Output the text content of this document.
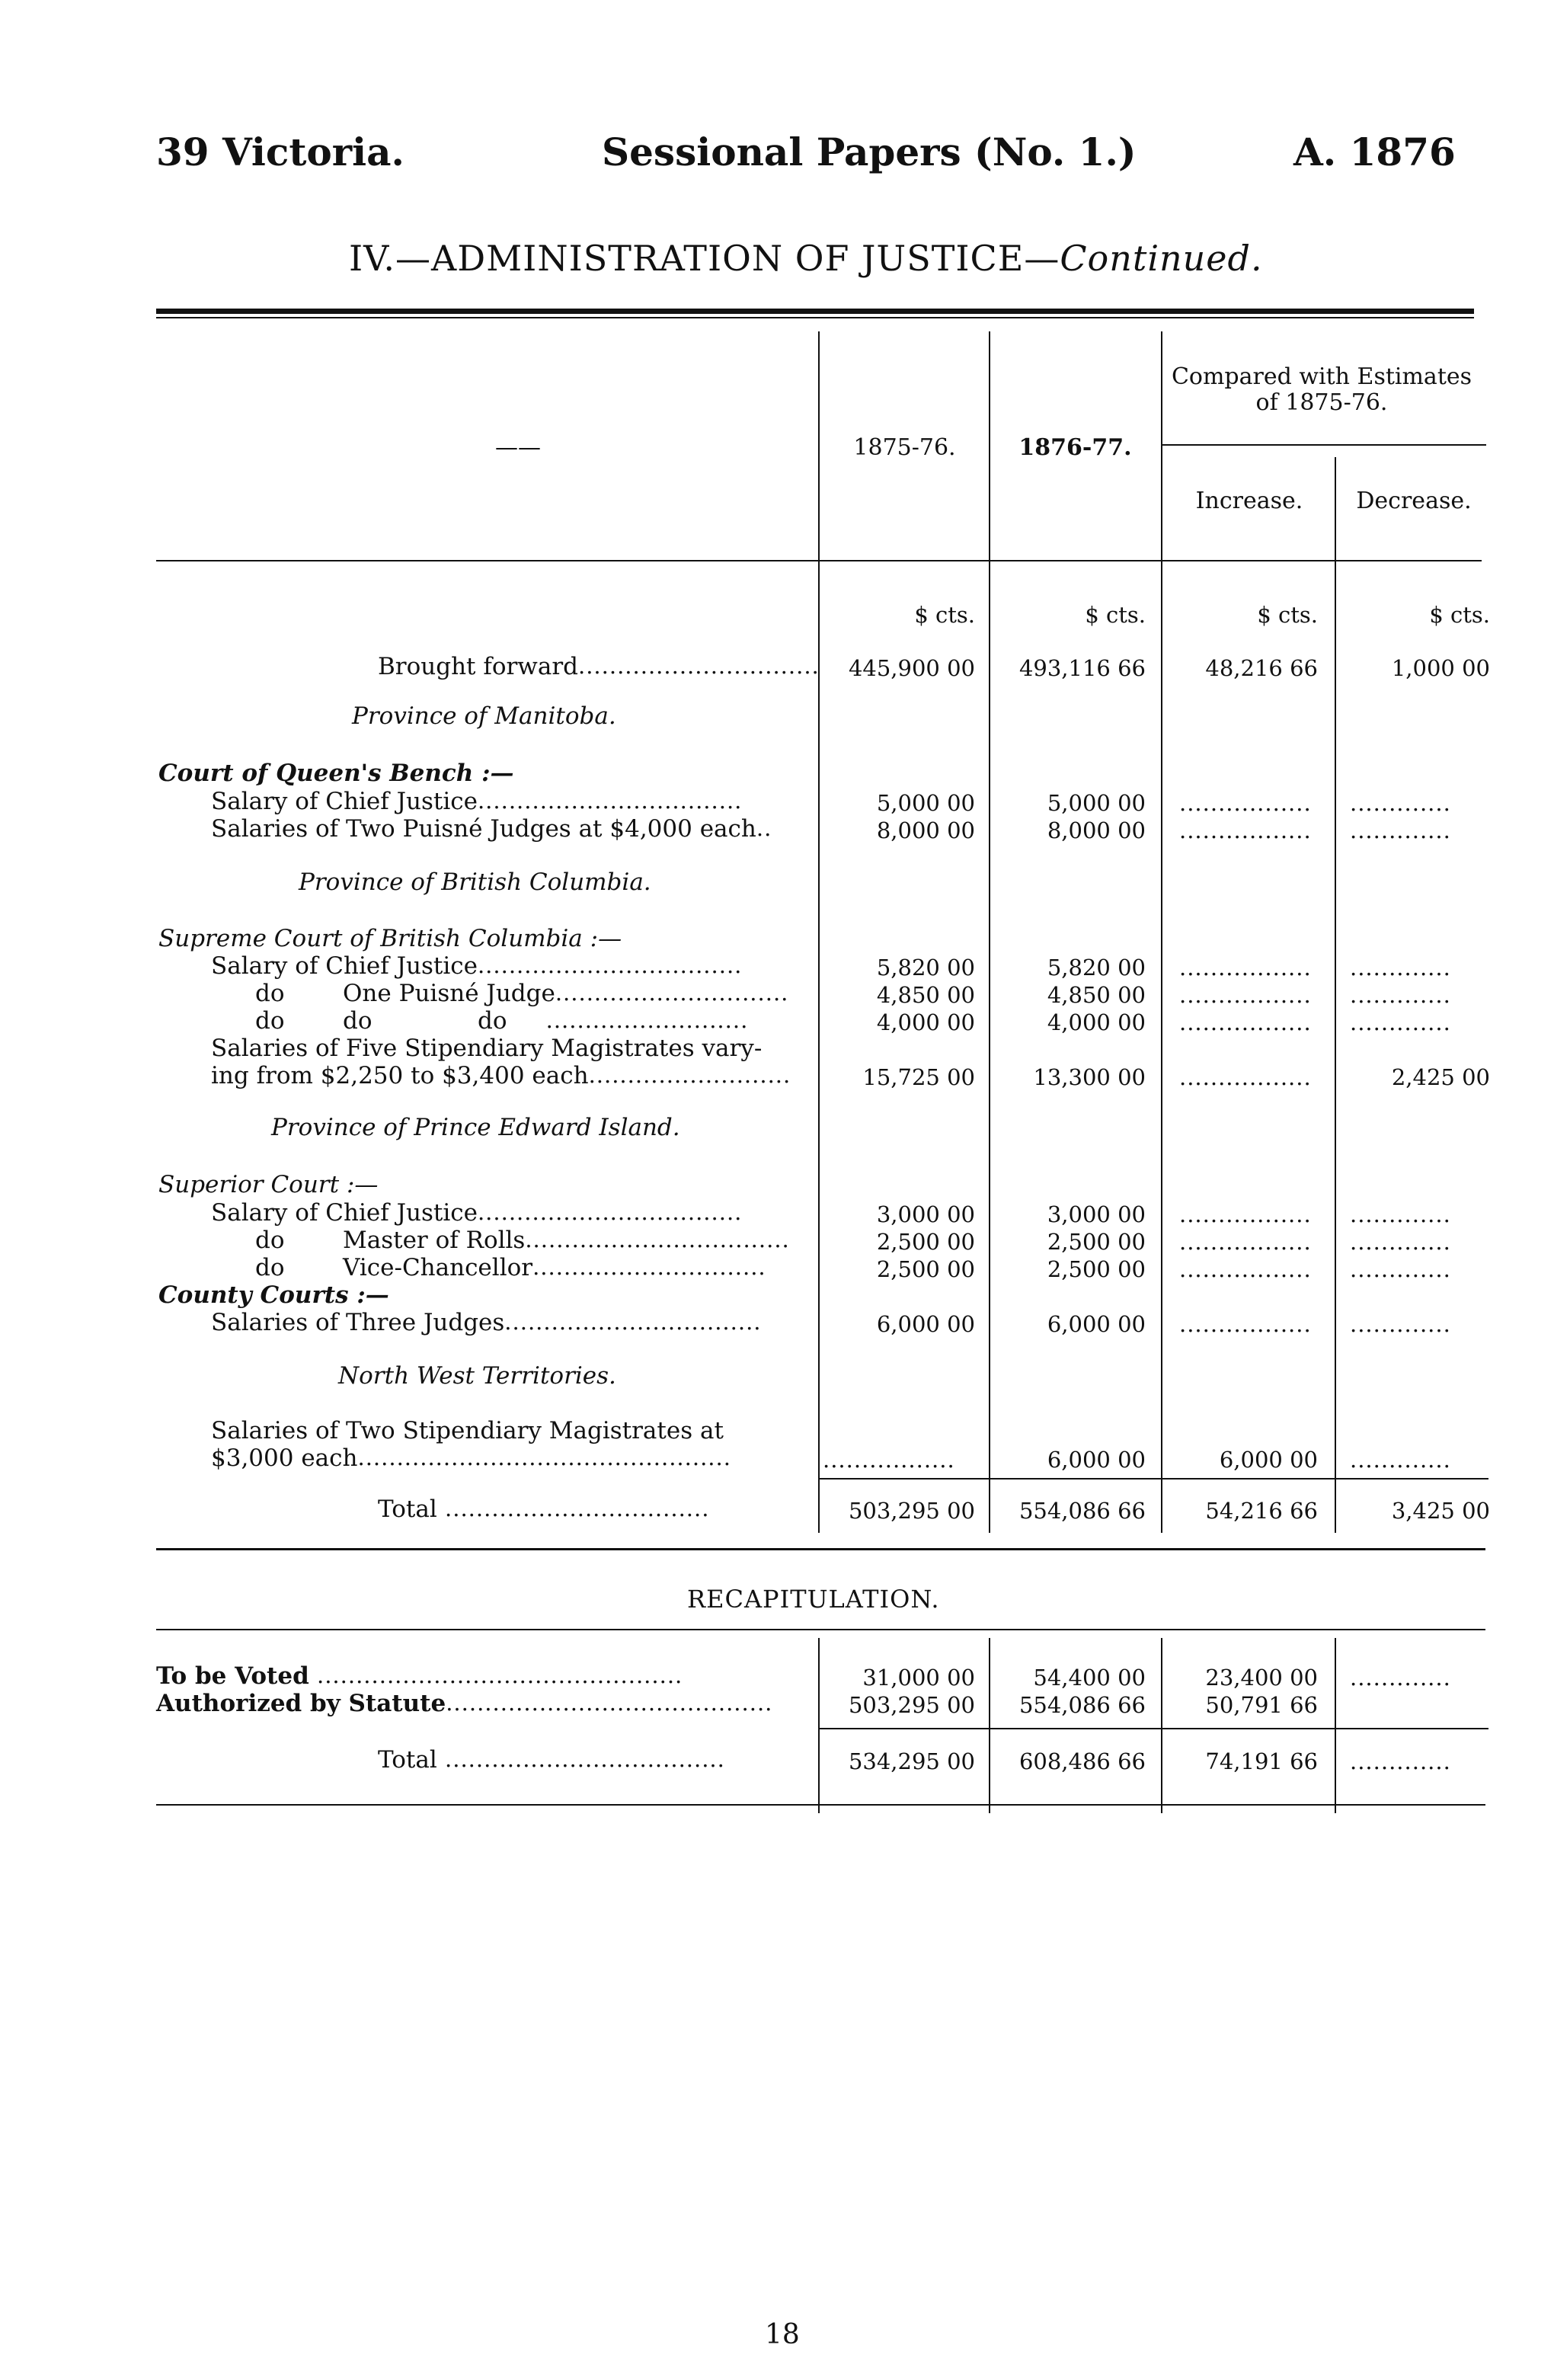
39 Victoria.	Sessional Papers (No. 1.)	A. 1876
IV.—ADMINISTRATION OF JUSTICE—Continued.
——	1875-76.	1876-77.
Compared with Estimates of 1875-76.
Increase.	Decrease.
$ cts.	$ cts.	$ cts.	$ cts.
Brought forward ...............................	445,900 00	493,116 66	48,216 66	1,000 00
Province of Manitoba.
Court of Queen's Bench :—
Salary of Chief Justice ..................................	5,000 00	5,000 00 ................. .............
Salaries of Two Puisné Judges at $4,000 each ..	8,000 00	8,000 00 ................. .............
Province of British Columbia.
Supreme Court of British Columbia :—
Salary of Chief Justice ..................................	5,820 00	5,820 00 ................. .............
do One Puisné Judge ..............................	4,850 00	4,850 00 ................. .............
do do	do ..........................	4,000 00	4,000 00 ................. .............
Salaries of Five Stipendiary Magistrates vary-
ing from $2,250 to $3,400 each ..........................	15,725 00	13,300 00 .................	2,425 00
Province of Prince Edward Island.
Superior Court :—
Salary of Chief Justice ..................................	3,000 00	3,000 00 ................. .............
do Master of Rolls ..................................	2,500 00	2,500 00 ................. .............
do Vice-Chancellor ..............................	2,500 00	2,500 00 ................. .............
County Courts :—
Salaries of Three Judges .................................	6,000 00	6,000 00 ................. .............
North West Territories.
Salaries of Two Stipendiary Magistrates at
$3,000 each ................................................	.................	6,000 00	6,000 00 .............
Total ..................................	503,295 00	554,086 66	54,216 66	3,425 00
RECAPITULATION.
To be Voted ...............................................	31,000 00	54,400 00	23,400 00 .............
Authorized by Statute ..........................................	503,295 00	554,086 66	50,791 66
Total ....................................	534,295 00	608,486 66	74,191 66 .............
18
